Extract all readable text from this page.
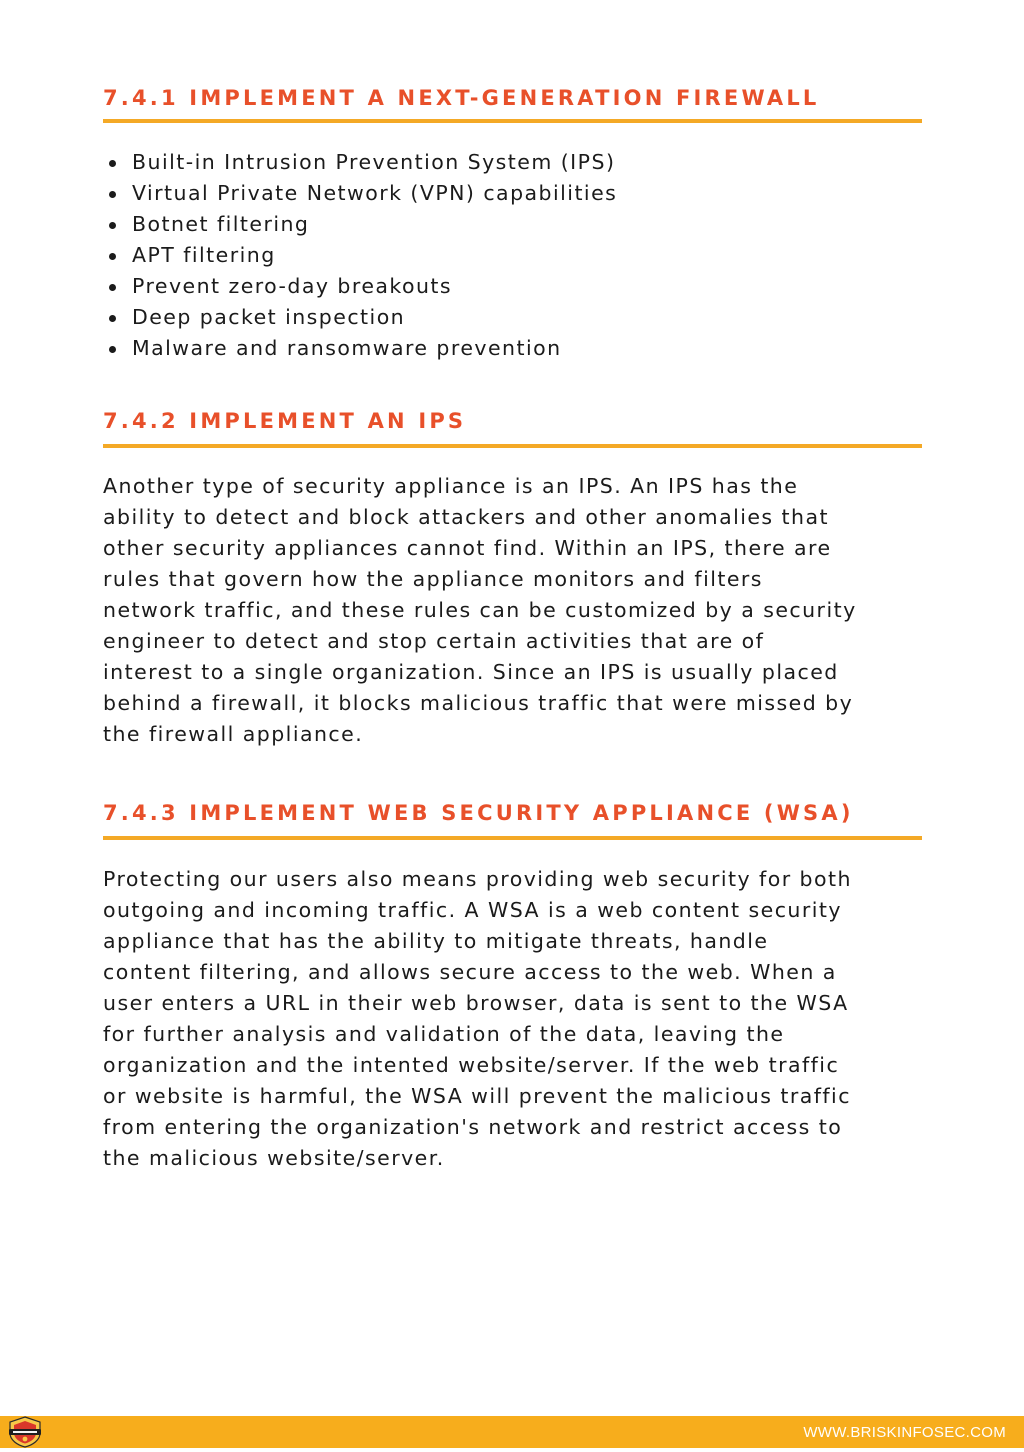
7.4.1 IMPLEMENT A NEXT-GENERATION FIREWALL
Built-in Intrusion Prevention System (IPS)
Virtual Private Network (VPN) capabilities
Botnet filtering
APT filtering
Prevent zero-day breakouts
Deep packet inspection
Malware and ransomware prevention
7.4.2 IMPLEMENT AN IPS

Another type of security appliance is an IPS. An IPS has the
ability to detect and block attackers and other anomalies that
other security appliances cannot find. Within an IPS, there are
rules that govern how the appliance monitors and filters
network traffic, and these rules can be customized by a security
engineer to detect and stop certain activities that are of
interest to a single organization. Since an IPS is usually placed
behind a firewall, it blocks malicious traffic that were missed by
the firewall appliance.

7.4.3 IMPLEMENT WEB SECURITY APPLIANCE (WSA)

Protecting our users also means providing web security for both
outgoing and incoming traffic. A WSA is a web content security
appliance that has the ability to mitigate threats, handle
content filtering, and allows secure access to the web. When a
user enters a URL in their web browser, data is sent to the WSA
for further analysis and validation of the data, leaving the
organization and the intented website/server. If the web traffic
or website is harmful, the WSA will prevent the malicious traffic
from entering the organization's network and restrict access to
the malicious website/server.

WWW.BRISKINFOSEC.COM
